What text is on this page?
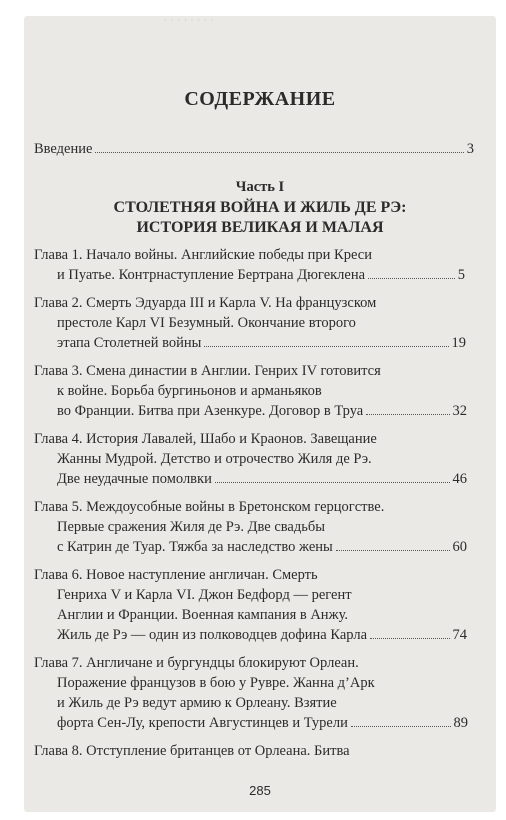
· · · · · · · ·
СОДЕРЖАНИЕ
Введение	3
Часть I
СТОЛЕТНЯЯ ВОЙНА И ЖИЛЬ ДЕ РЭ:
ИСТОРИЯ ВЕЛИКАЯ И МАЛАЯ
Глава 1. Начало войны. Английские победы при Креси
и Пуатье. Контрнаступление Бертрана Дюгеклена	5
Глава 2. Смерть Эдуарда III и Карла V. На французском
престоле Карл VI Безумный. Окончание второго
этапа Столетней войны	19
Глава 3. Смена династии в Англии. Генрих IV готовится
к войне. Борьба бургиньонов и арманьяков
во Франции. Битва при Азенкуре. Договор в Труа	32
Глава 4. История Лавалей, Шабо и Краонов. Завещание
Жанны Мудрой. Детство и отрочество Жиля де Рэ.
Две неудачные помолвки	46
Глава 5. Междоусобные войны в Бретонском герцогстве.
Первые сражения Жиля де Рэ. Две свадьбы
с Катрин де Туар. Тяжба за наследство жены	60
Глава 6. Новое наступление англичан. Смерть
Генриха V и Карла VI. Джон Бедфорд — регент
Англии и Франции. Военная кампания в Анжу.
Жиль де Рэ — один из полководцев дофина Карла	74
Глава 7. Англичане и бургундцы блокируют Орлеан.
Поражение французов в бою у Рувре. Жанна д’Арк
и Жиль де Рэ ведут армию к Орлеану. Взятие
форта Сен-Лу, крепости Августинцев и Турели	89
Глава 8. Отступление британцев от Орлеана. Битва
285
